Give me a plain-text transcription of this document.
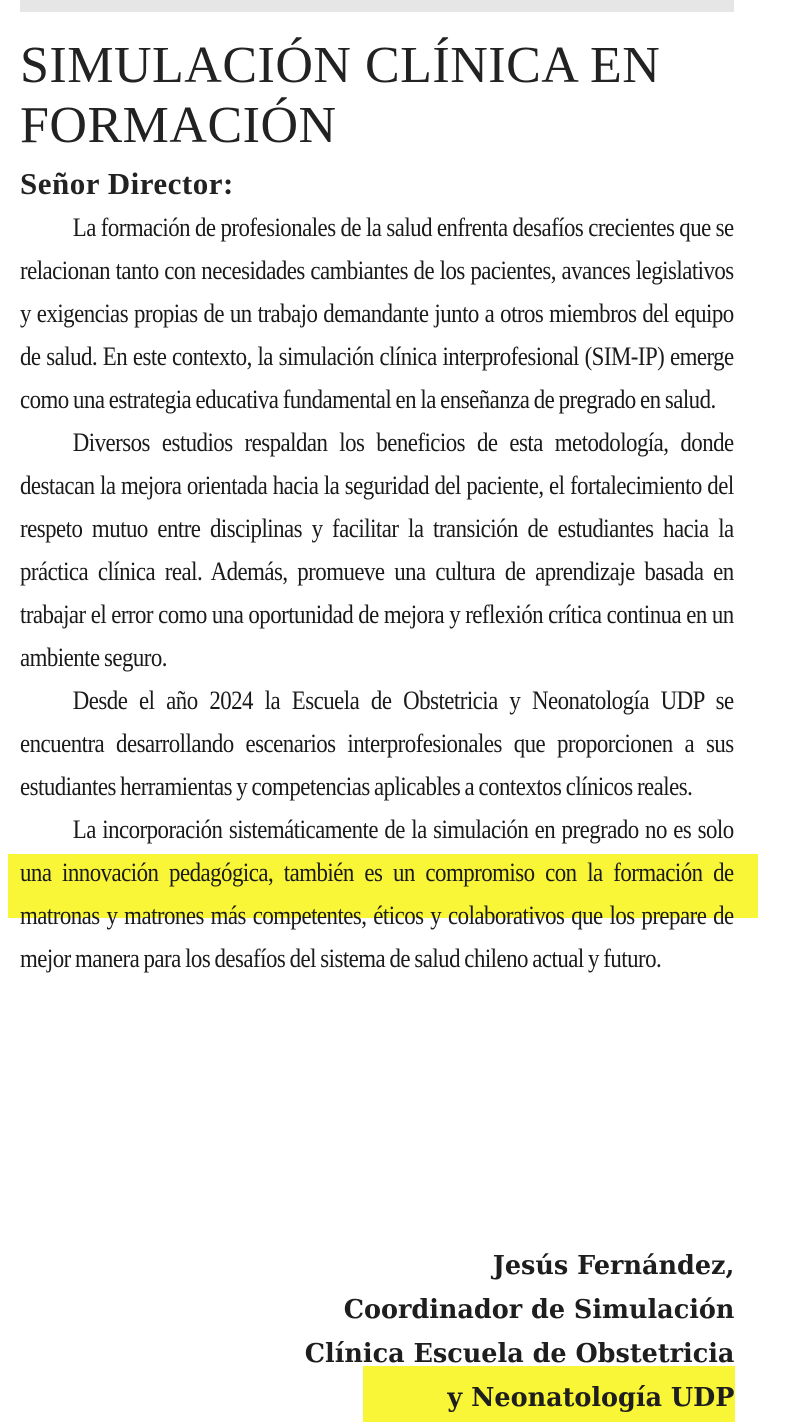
SIMULACIÓN CLÍNICA EN FORMACIÓN
Señor Director:

La formación de profesionales de la salud enfrenta desafíos crecientes que se relacionan tanto con necesidades cambiantes de los pacientes, avances legislativos y exigencias propias de un trabajo demandante junto a otros miembros del equipo de salud. En este contexto, la simulación clínica interprofesional (SIM-IP) emerge como una estrategia educativa fundamental en la enseñanza de pregrado en salud.

Diversos estudios respaldan los beneficios de esta metodología, donde destacan la mejora orientada hacia la seguridad del paciente, el fortalecimiento del respeto mutuo entre disciplinas y facilitar la transición de estudiantes hacia la práctica clínica real. Además, promueve una cultura de aprendizaje basada en trabajar el error como una oportunidad de mejora y reflexión crítica continua en un ambiente seguro.

Desde el año 2024 la Escuela de Obstetricia y Neonatología UDP se encuentra desarrollando escenarios interprofesionales que proporcionen a sus estudiantes herramientas y competencias aplicables a contextos clínicos reales.

La incorporación sistemáticamente de la simulación en pregrado no es solo una innovación pedagógica, también es un compromiso con la formación de matronas y matrones más competentes, éticos y colaborativos que los prepare de mejor manera para los desafíos del sistema de salud chileno actual y futuro.

Jesús Fernández,
Coordinador de Simulación
Clínica Escuela de Obstetricia
y Neonatología UDP
